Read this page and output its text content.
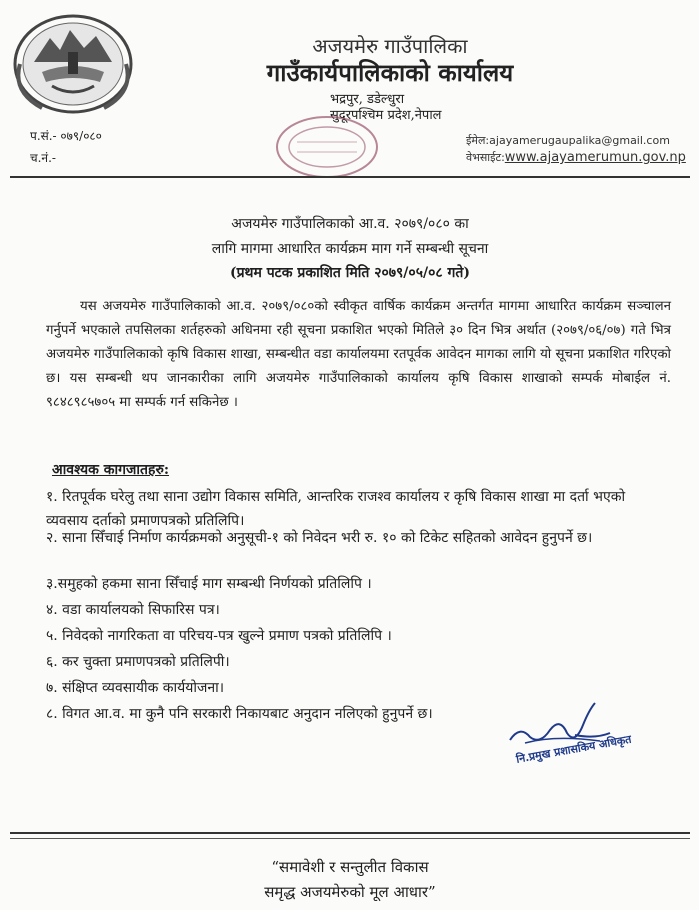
अजयमेरु गाउँपालिका
गाउँकार्यपालिकाको कार्यालय
भद्रपुर, डडेल्धुरा
सुदूरपश्चिम प्रदेश,नेपाल
प.सं.- ०७९/०८०
च.नं.-
ईमेल:ajayamerugaupalika@gmail.com
वेभसाईट:www.ajayamerumun.gov.np
अजयमेरु गाउँपालिकाको आ.व. २०७९/०८० का
लागि मागमा आधारित कार्यक्रम माग गर्ने सम्बन्धी सूचना
(प्रथम पटक प्रकाशित मिति २०७९/०५/०८ गते)
यस अजयमेरु गाउँपालिकाको आ.व. २०७९/०८०को स्वीकृत वार्षिक कार्यक्रम अन्तर्गत मागमा आधारित कार्यक्रम सञ्चालन गर्नुपर्ने भएकाले तपसिलका शर्तहरुको अधिनमा रही सूचना प्रकाशित भएको मितिले ३० दिन भित्र अर्थात (२०७९/०६/०७) गते भित्र अजयमेरु गाउँपालिकाको कृषि विकास शाखा, सम्बन्धीत वडा कार्यालयमा रतपूर्वक आवेदन मागका लागि यो सूचना प्रकाशित गरिएको छ। यस सम्बन्धी थप जानकारीका लागि अजयमेरु गाउँपालिकाको कार्यालय कृषि विकास शाखाको सम्पर्क मोबाईल नं. ९८४८९८५७०५ मा सम्पर्क गर्न सकिनेछ ।
आवश्यक कागजातहरु:
१. रितपूर्वक घरेलु तथा साना उद्योग विकास समिति, आन्तरिक राजश्व कार्यालय र कृषि विकास शाखा मा दर्ता भएको व्यवसाय दर्ताको प्रमाणपत्रको प्रतिलिपि।
२. साना सिँचाई निर्माण कार्यक्रमको अनुसूची-१ को निवेदन भरी रु. १० को टिकेट सहितको आवेदन हुनुपर्ने छ।
३.समुहको हकमा साना सिँचाई माग सम्बन्धी निर्णयको प्रतिलिपि ।
४. वडा कार्यालयको सिफारिस पत्र।
५. निवेदको नागरिकता वा परिचय-पत्र खुल्ने प्रमाण पत्रको प्रतिलिपि ।
६. कर चुक्ता प्रमाणपत्रको प्रतिलिपी।
७. संक्षिप्त व्यवसायीक कार्ययोजना।
८. विगत आ.व. मा कुनै पनि सरकारी निकायबाट अनुदान नलिएको हुनुपर्ने छ।
नि.प्रमुख प्रशासकिय अधिकृत
“समावेशी र सन्तुलीत विकास
समृद्ध अजयमेरुको मूल आधार”
